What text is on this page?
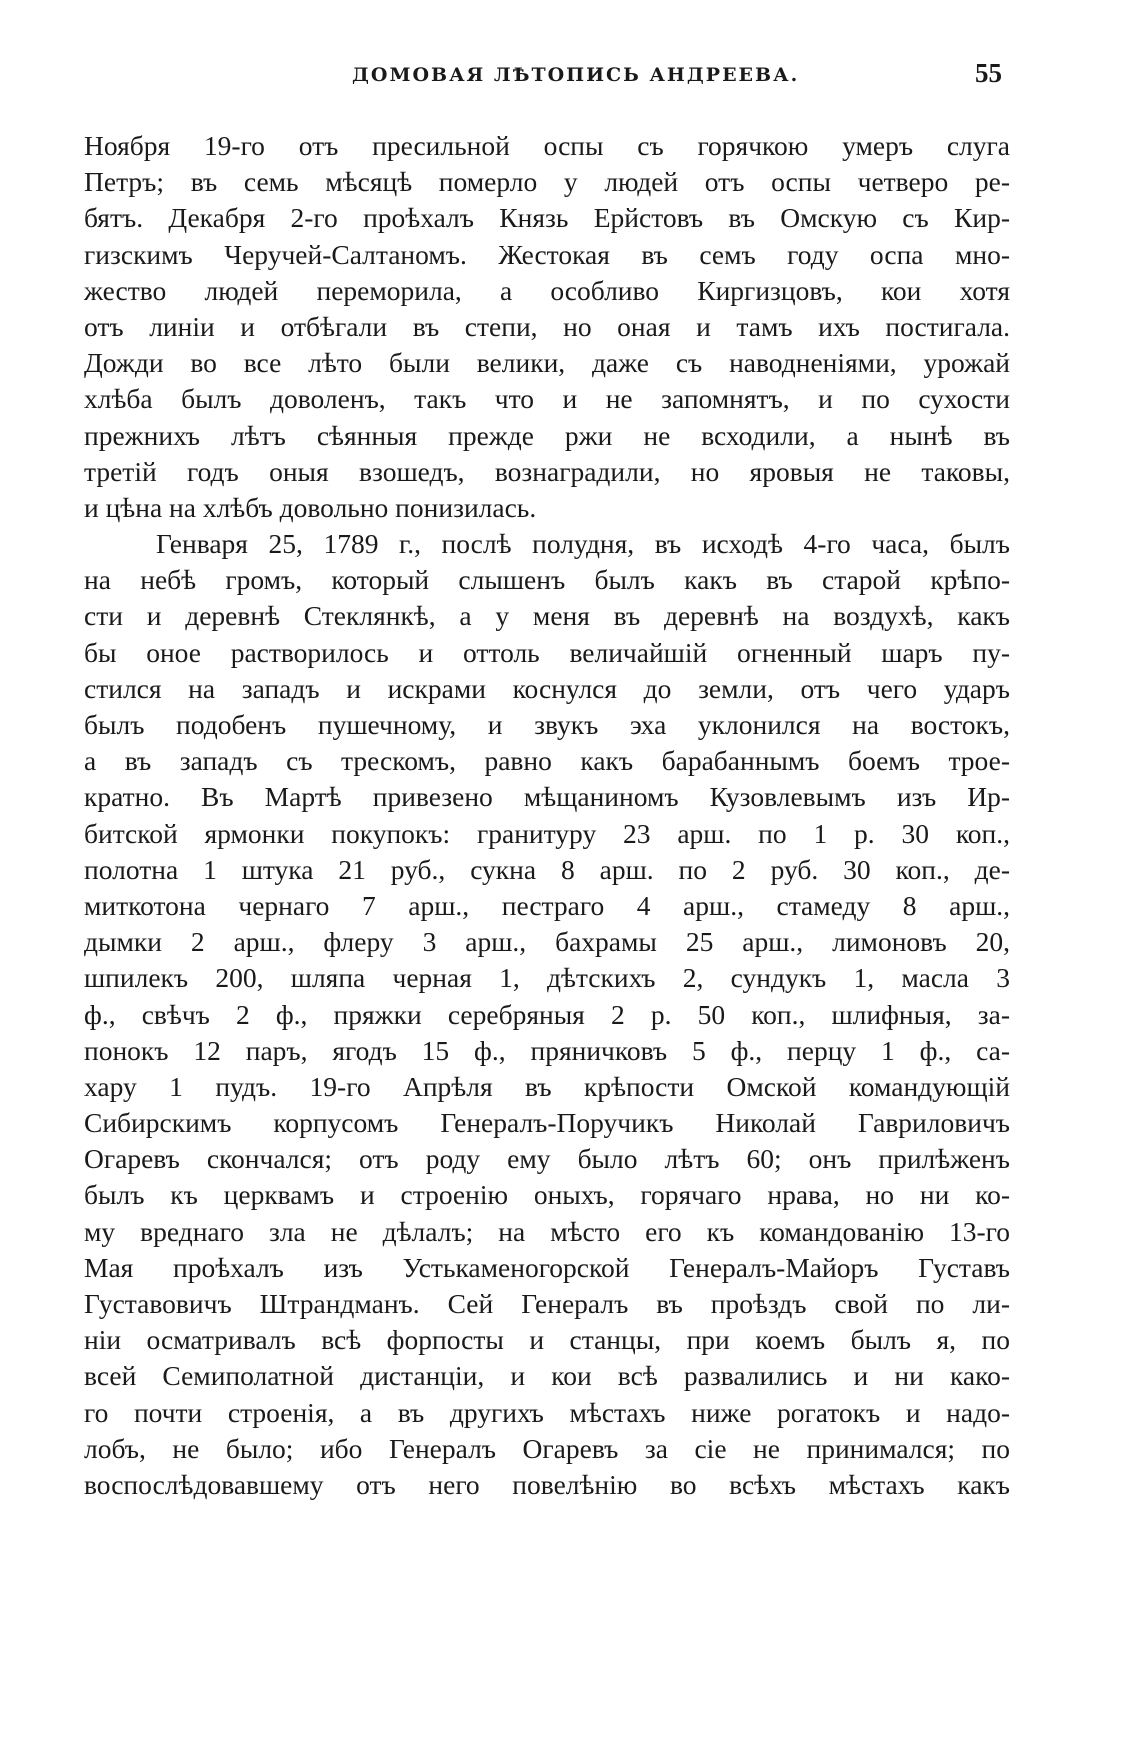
ДОМОВАЯ ЛѢТОПИСЬ АНДРЕЕВА.	55
Ноября 19-го отъ пресильной оспы съ горячкою умеръ слуга
Петръ; въ семь мѣсяцѣ померло у людей отъ оспы четверо ре-
бятъ. Декабря 2-го проѣхалъ Князь Ерйстовъ въ Омскую съ Кир-
гизскимъ Черучей-Салтаномъ. Жестокая въ семъ году оспа мно-
жество людей переморила, а особливо Киргизцовъ, кои хотя
отъ линіи и отбѣгали въ степи, но оная и тамъ ихъ постигала.
Дожди во все лѣто были велики, даже съ наводненіями, урожай
хлѣба былъ доволенъ, такъ что и не запомнятъ, и по сухости
прежнихъ лѣтъ сѣянныя прежде ржи не всходили, а нынѣ въ
третій годъ оныя взошедъ, вознаградили, но яровыя не таковы,
и цѣна на хлѣбъ довольно понизилась.
Генваря 25, 1789 г., послѣ полудня, въ исходѣ 4-го часа, былъ
на небѣ громъ, который слышенъ былъ какъ въ старой крѣпо-
сти и деревнѣ Стеклянкѣ, а у меня въ деревнѣ на воздухѣ, какъ
бы оное растворилось и оттоль величайшій огненный шаръ пу-
стился на западъ и искрами коснулся до земли, отъ чего ударъ
былъ подобенъ пушечному, и звукъ эха уклонился на востокъ,
а въ западъ съ трескомъ, равно какъ барабаннымъ боемъ трое-
кратно. Въ Мартѣ привезено мѣщаниномъ Кузовлевымъ изъ Ир-
битской ярмонки покупокъ: гранитуру 23 арш. по 1 р. 30 коп.,
полотна 1 штука 21 руб., сукна 8 арш. по 2 руб. 30 коп., де-
миткотона чернаго 7 арш., пестраго 4 арш., стамеду 8 арш.,
дымки 2 арш., флеру 3 арш., бахрамы 25 арш., лимоновъ 20,
шпилекъ 200, шляпа черная 1, дѣтскихъ 2, сундукъ 1, масла 3
ф., свѣчъ 2 ф., пряжки серебряныя 2 р. 50 коп., шлифныя, за-
понокъ 12 паръ, ягодъ 15 ф., пряничковъ 5 ф., перцу 1 ф., са-
хару 1 пудъ. 19-го Апрѣля въ крѣпости Омской командующій
Сибирскимъ корпусомъ Генералъ-Поручикъ Николай Гавриловичъ
Огаревъ скончался; отъ роду ему было лѣтъ 60; онъ прилѣженъ
былъ къ церквамъ и строенію оныхъ, горячаго нрава, но ни ко-
му вреднаго зла не дѣлалъ; на мѣсто его къ командованію 13-го
Мая проѣхалъ изъ Устькаменогорской Генералъ-Майоръ Густавъ
Густавовичъ Штрандманъ. Сей Генералъ въ проѣздъ свой по ли-
ніи осматривалъ всѣ форпосты и станцы, при коемъ былъ я, по
всей Семиполатной дистанціи, и кои всѣ развалились и ни како-
го почти строенія, а въ другихъ мѣстахъ ниже рогатокъ и надо-
лобъ, не было; ибо Генералъ Огаревъ за сіе не принимался; по
воспослѣдовавшему отъ него повелѣнію во всѣхъ мѣстахъ какъ
